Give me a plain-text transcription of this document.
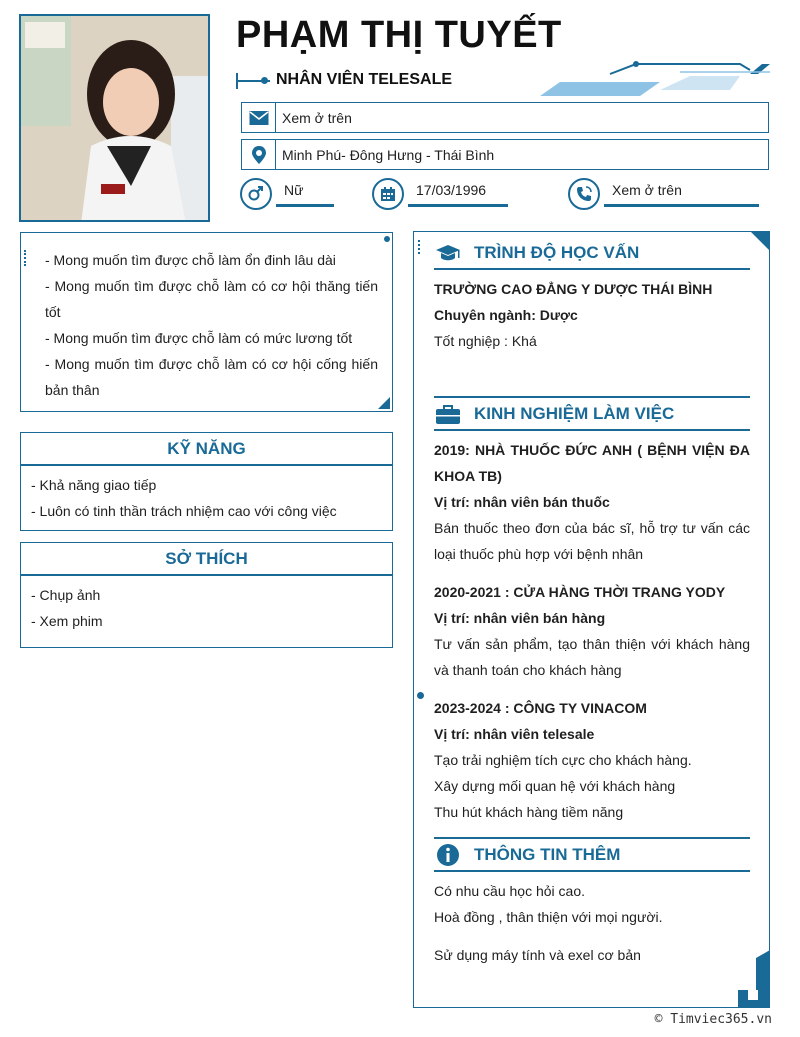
PHẠM THỊ TUYẾT
NHÂN VIÊN TELESALE
Xem ở trên
Minh Phú- Đông Hưng - Thái Bình
Nữ	17/03/1996	Xem ở trên

- Mong muốn tìm được chỗ làm ổn đinh lâu dài

- Mong muốn tìm được chỗ làm có cơ hội thăng tiến tốt

- Mong muốn tìm được chỗ làm có mức lương tốt

- Mong muốn tìm được chỗ làm có cơ hội cống hiến bản thân

KỸ NĂNG

- Khả năng giao tiếp

- Luôn có tinh thần trách nhiệm cao với công việc

SỞ THÍCH

- Chụp ảnh

- Xem phim

TRÌNH ĐỘ HỌC VẤN

TRƯỜNG CAO ĐẲNG Y DƯỢC THÁI BÌNH

Chuyên ngành: Dược

Tốt nghiệp : Khá

KINH NGHIỆM LÀM VIỆC

2019: NHÀ THUỐC ĐỨC ANH ( BỆNH VIỆN ĐA KHOA TB)

Vị trí: nhân viên bán thuốc

Bán thuốc theo đơn của bác sĩ, hỗ trợ tư vấn các loại thuốc phù hợp với bệnh nhân

2020-2021 : CỬA HÀNG THỜI TRANG YODY

Vị trí: nhân viên bán hàng

Tư vấn sản phẩm, tạo thân thiện với khách hàng và thanh toán cho khách hàng

2023-2024 : CÔNG TY VINACOM

Vị trí: nhân viên telesale

Tạo trải nghiệm tích cực cho khách hàng.

Xây dựng mối quan hệ với khách hàng

Thu hút khách hàng tiềm năng

THÔNG TIN THÊM

Có nhu cầu học hỏi cao.

Hoà đồng , thân thiện với mọi người.

Sử dụng máy tính và exel cơ bản

© Timviec365.vn
